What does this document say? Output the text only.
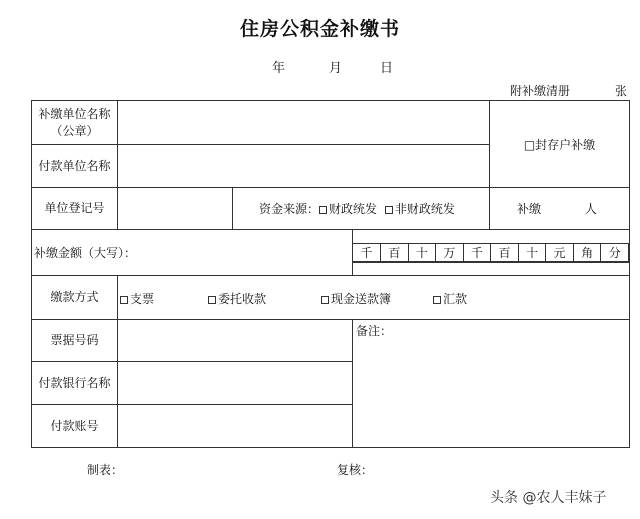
住房公积金补缴书
年	月	日
附补缴清册	张
补缴单位名称
（公章）
		□封存户补缴
付款单位名称	
单位登记号		资金来源： 财政统发 非财政统发	补缴	人
补缴金额（大写）：		千	百	十	万	千	百	十	元	角	分

缴款方式	支票	委托收款	现金送款簿	汇款

票据号码		备注：
付款银行名称	
付款账号	
制表：	复核：
头条 @农人丰妹子
